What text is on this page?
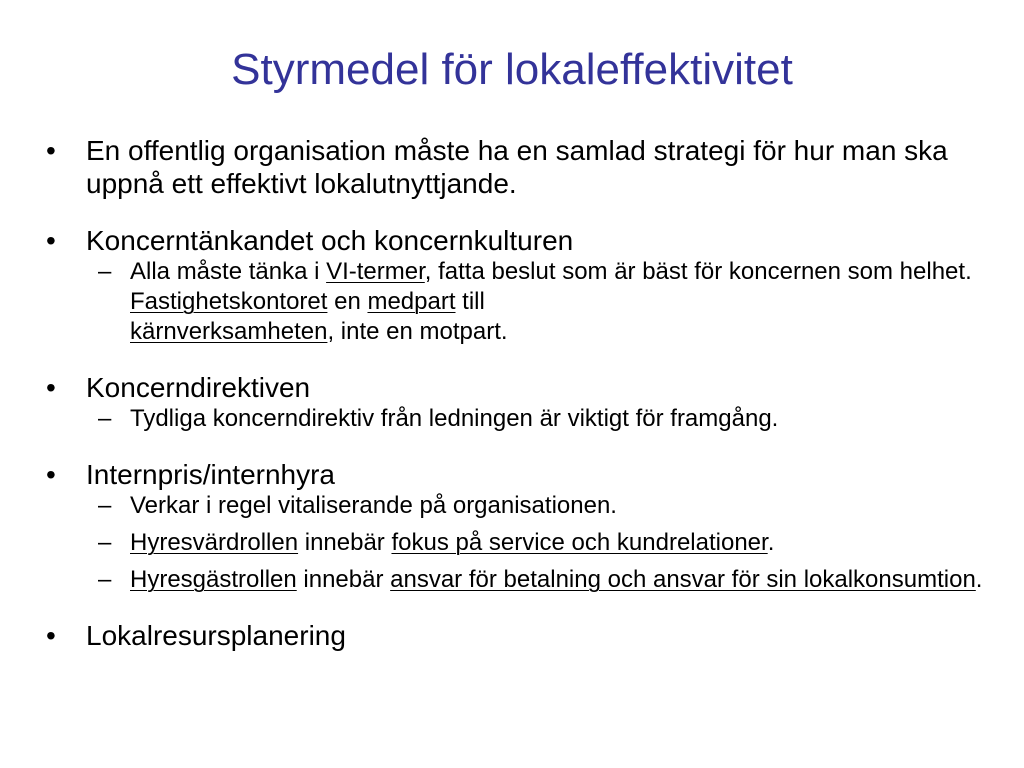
Styrmedel för lokaleffektivitet
• En offentlig organisation måste ha en samlad strategi för hur man ska uppnå ett effektivt lokalutnyttjande.
• Koncerntänkandet och koncernkulturen
– Alla måste tänka i VI-termer, fatta beslut som är bäst för koncernen som helhet. Fastighetskontoret en medpart till
kärnverksamheten, inte en motpart.
• Koncerndirektiven
– Tydliga koncerndirektiv från ledningen är viktigt för framgång.
• Internpris/internhyra
– Verkar i regel vitaliserande på organisationen.
– Hyresvärdrollen innebär fokus på service och kundrelationer.
– Hyresgästrollen innebär ansvar för betalning och ansvar för sin lokalkonsumtion.
• Lokalresursplanering
